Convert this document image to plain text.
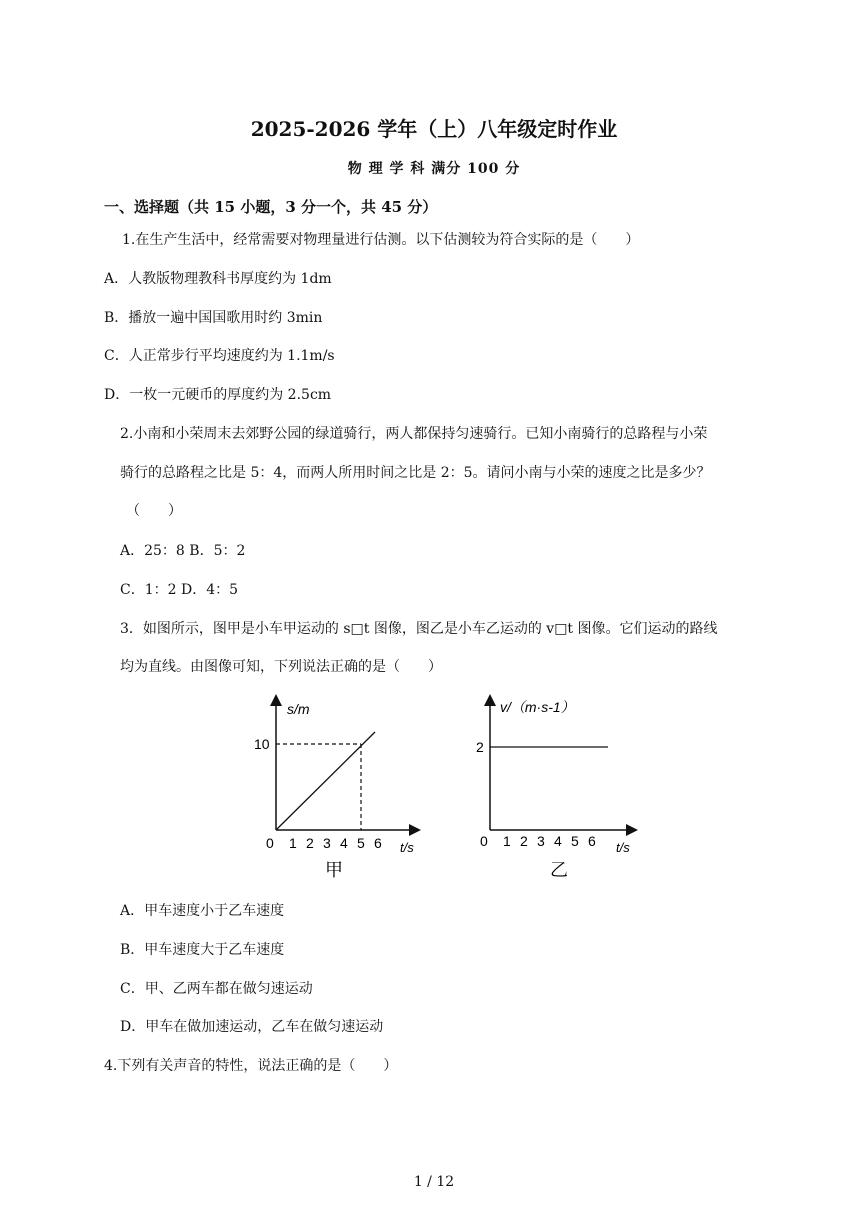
2025-2026 学年（上）八年级定时作业
物 理 学 科 满分 100 分
一、选择题（共 15 小题，3 分一个，共 45 分）
1.在生产生活中，经常需要对物理量进行估测。以下估测较为符合实际的是（　　）
A．人教版物理教科书厚度约为 1dm
B．播放一遍中国国歌用时约 3min
C．人正常步行平均速度约为 1.1m/s
D．一枚一元硬币的厚度约为 2.5cm
2.小南和小荣周末去郊野公园的绿道骑行，两人都保持匀速骑行。已知小南骑行的总路程与小荣
骑行的总路程之比是 5：4，而两人所用时间之比是 2：5。请问小南与小荣的速度之比是多少？
（　　）
A．25：8 B．5：2
C．1：2 D．4：5
3．如图所示，图甲是小车甲运动的 s□t 图像，图乙是小车乙运动的 v□t 图像。它们运动的路线
均为直线。由图像可知，下列说法正确的是（　　）
s/m
10
0 1 2 3 4 5 6 t/s
甲
v/（m·s-1）
2
0 1 2 3 4 5 6 t/s
乙
A．甲车速度小于乙车速度
B．甲车速度大于乙车速度
C．甲、乙两车都在做匀速运动
D．甲车在做加速运动，乙车在做匀速运动
4.下列有关声音的特性，说法正确的是（　　）
1 / 12
